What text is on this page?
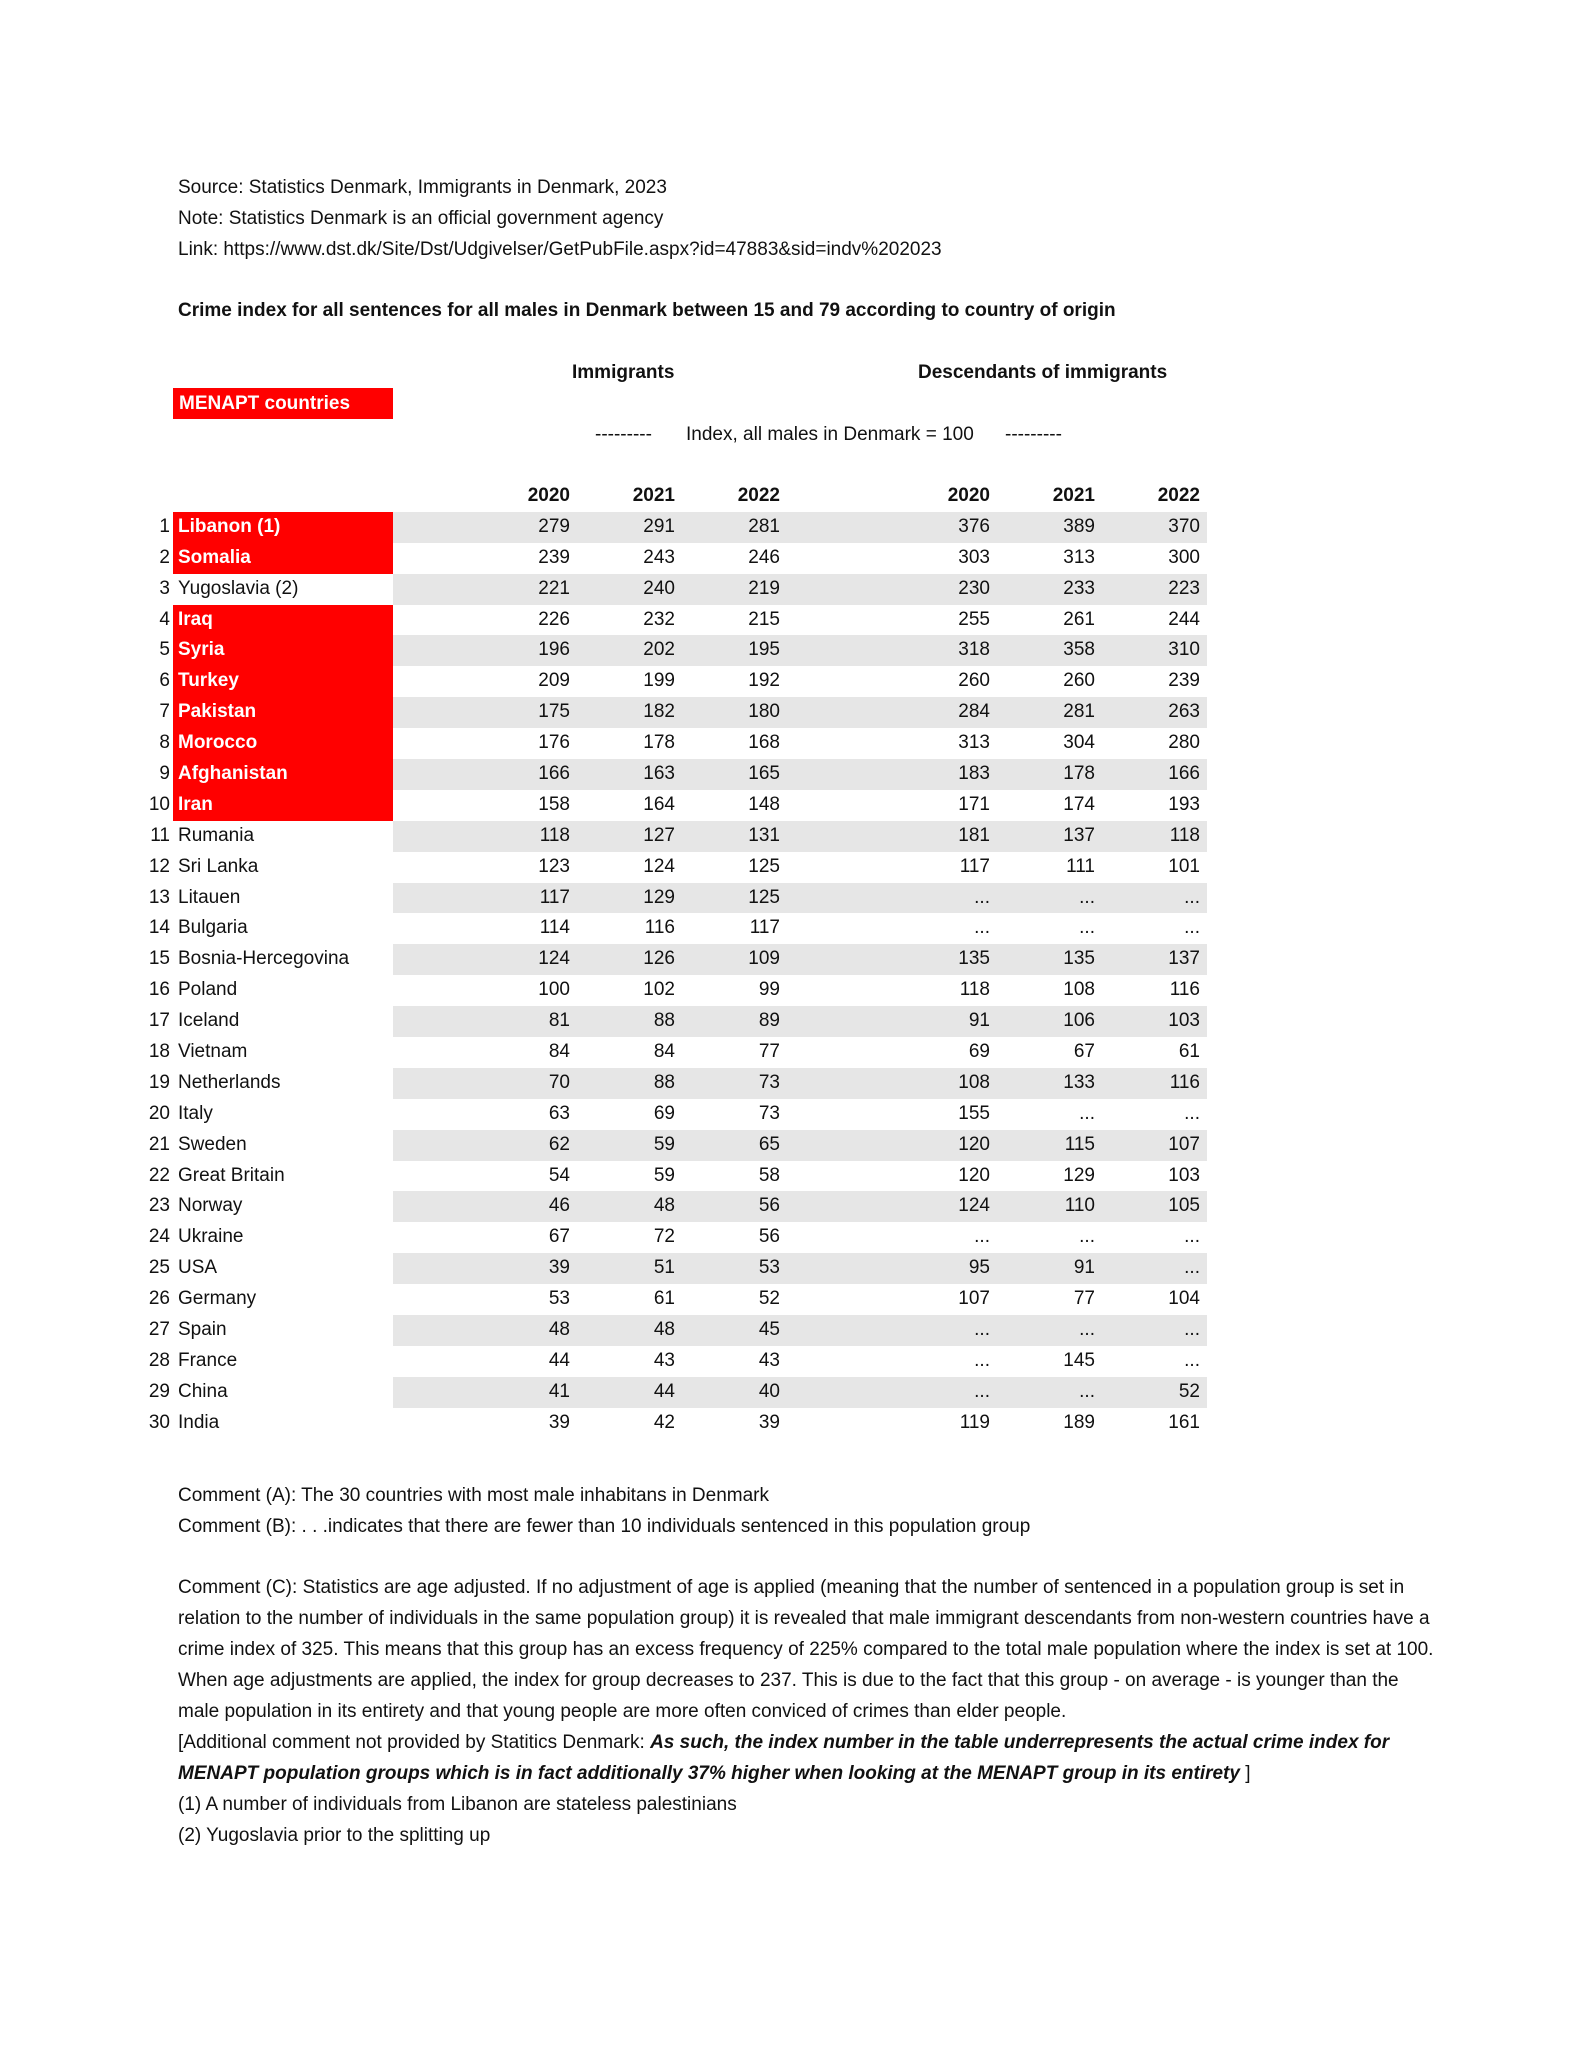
Source: Statistics Denmark, Immigrants in Denmark, 2023
Note: Statistics Denmark is an official government agency
Link: https://www.dst.dk/Site/Dst/Udgivelser/GetPubFile.aspx?id=47883&sid=indv%202023
Crime index for all sentences for all males in Denmark between 15 and 79 according to country of origin
Immigrants	Descendants of immigrants
MENAPT countries
--------- Index, all males in Denmark = 100 ---------
2020	2021	2022	2020	2021	2022
1 Libanon (1)	279	291	281	376	389	370
2 Somalia	239	243	246	303	313	300
3 Yugoslavia (2)	221	240	219	230	233	223
4 Iraq	226	232	215	255	261	244
5 Syria	196	202	195	318	358	310
6 Turkey	209	199	192	260	260	239
7 Pakistan	175	182	180	284	281	263
8 Morocco	176	178	168	313	304	280
9 Afghanistan	166	163	165	183	178	166
10 Iran	158	164	148	171	174	193
11 Rumania	118	127	131	181	137	118
12 Sri Lanka	123	124	125	117	111	101
13 Litauen	117	129	125	...	...	...
14 Bulgaria	114	116	117	...	...	...
15 Bosnia-Hercegovina	124	126	109	135	135	137
16 Poland	100	102	99	118	108	116
17 Iceland	81	88	89	91	106	103
18 Vietnam	84	84	77	69	67	61
19 Netherlands	70	88	73	108	133	116
20 Italy	63	69	73	155	...	...
21 Sweden	62	59	65	120	115	107
22 Great Britain	54	59	58	120	129	103
23 Norway	46	48	56	124	110	105
24 Ukraine	67	72	56	...	...	...
25 USA	39	51	53	95	91	...
26 Germany	53	61	52	107	77	104
27 Spain	48	48	45	...	...	...
28 France	44	43	43	...	145	...
29 China	41	44	40	...	...	52
30 India	39	42	39	119	189	161

Comment (A): The 30 countries with most male inhabitans in Denmark

Comment (B): . . .indicates that there are fewer than 10 individuals sentenced in this population group

Comment (C): Statistics are age adjusted. If no adjustment of age is applied (meaning that the number of sentenced in a population group is set in relation to the number of individuals in the same population group) it is revealed that male immigrant descendants from non-western countries have a crime index of 325. This means that this group has an excess frequency of 225% compared to the total male population where the index is set at 100. When age adjustments are applied, the index for group decreases to 237. This is due to the fact that this group - on average - is younger than the male population in its entirety and that young people are more often conviced of crimes than elder people.

[Additional comment not provided by Statitics Denmark: As such, the index number in the table underrepresents the actual crime index for MENAPT population groups which is in fact additionally 37% higher when looking at the MENAPT group in its entirety ]

(1) A number of individuals from Libanon are stateless palestinians

(2) Yugoslavia prior to the splitting up
